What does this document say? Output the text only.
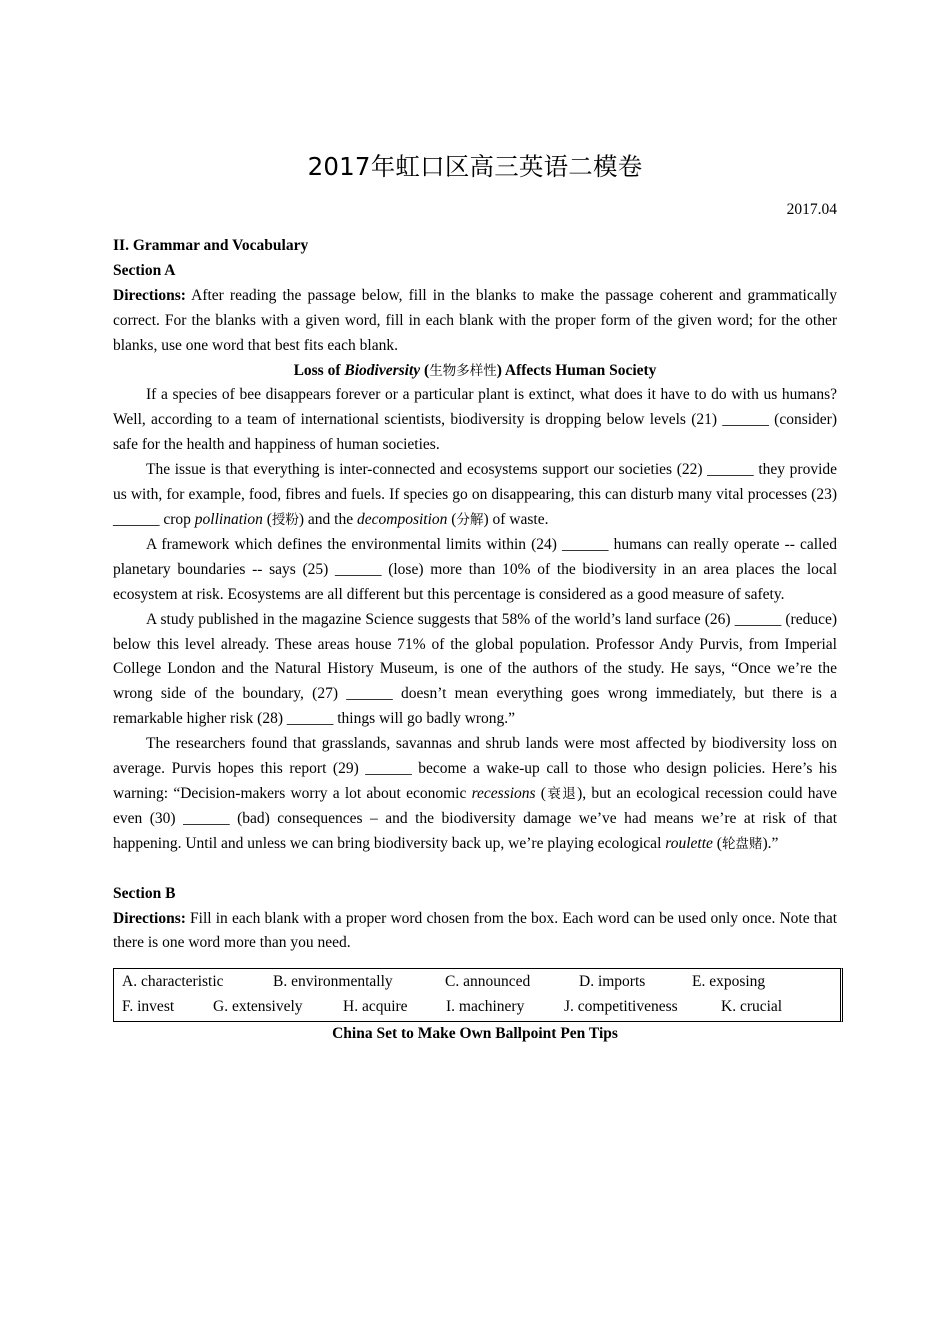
2017年虹口区高三英语二模卷
2017.04

II. Grammar and Vocabulary

Section A

Directions: After reading the passage below, fill in the blanks to make the passage coherent and grammatically correct. For the blanks with a given word, fill in each blank with the proper form of the given word; for the other blanks, use one word that best fits each blank.

Loss of Biodiversity (生物多样性) Affects Human Society

If a species of bee disappears forever or a particular plant is extinct, what does it have to do with us humans? Well, according to a team of international scientists, biodiversity is dropping below levels (21) ______ (consider) safe for the health and happiness of human societies.

The issue is that everything is inter-connected and ecosystems support our societies (22) ______ they provide us with, for example, food, fibres and fuels. If species go on disappearing, this can disturb many vital processes (23) ______ crop pollination (授粉) and the decomposition (分解) of waste.

A framework which defines the environmental limits within (24) ______ humans can really operate -- called planetary boundaries -- says (25) ______ (lose) more than 10% of the biodiversity in an area places the local ecosystem at risk. Ecosystems are all different but this percentage is considered as a good measure of safety.

A study published in the magazine Science suggests that 58% of the world’s land surface (26) ______ (reduce) below this level already. These areas house 71% of the global population. Professor Andy Purvis, from Imperial College London and the Natural History Museum, is one of the authors of the study. He says, “Once we’re the wrong side of the boundary, (27) ______ doesn’t mean everything goes wrong immediately, but there is a remarkable higher risk (28) ______ things will go badly wrong.”

The researchers found that grasslands, savannas and shrub lands were most affected by biodiversity loss on average. Purvis hopes this report (29) ______ become a wake-up call to those who design policies. Here’s his warning: “Decision-makers worry a lot about economic recessions (衰退), but an ecological recession could have even (30) ______ (bad) consequences – and the biodiversity damage we’ve had means we’re at risk of that happening. Until and unless we can bring biodiversity back up, we’re playing ecological roulette (轮盘赌).”

Section B

Directions: Fill in each blank with a proper word chosen from the box. Each word can be used only once. Note that there is one word more than you need.

A. characteristic	B. environmentally	C. announced	D. imports	E. exposing
F. invest	G. extensively	H. acquire	I. machinery	J. competitiveness	K. crucial

China Set to Make Own Ballpoint Pen Tips
